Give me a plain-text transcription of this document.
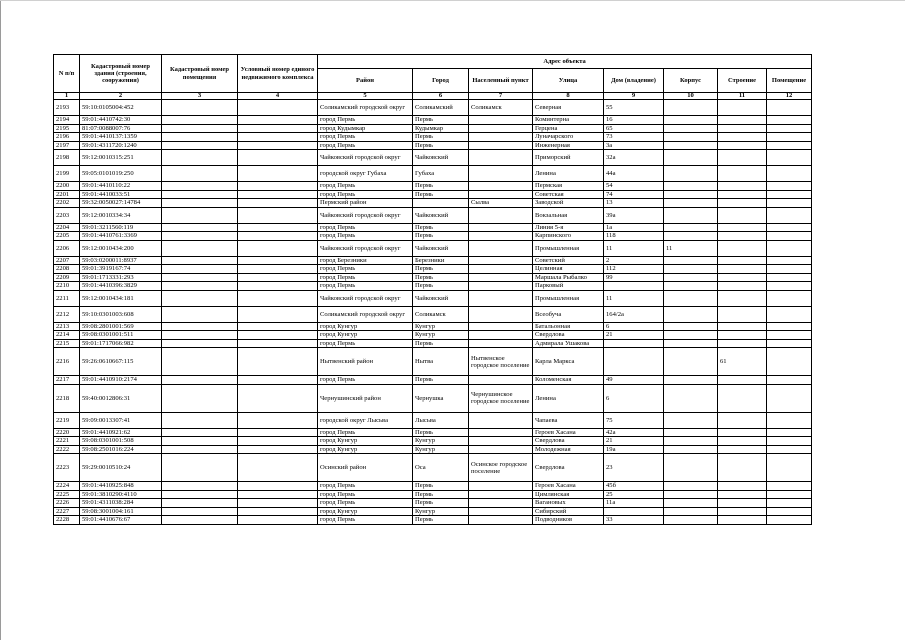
N п/п	Кадастровый номер здания (строения, сооружения)	Кадастровый номер помещения	Условный номер единого недвижимого комплекса	Адрес объекта							
				Район	Город	Населенный пункт	Улица	Дом (владение)	Корпус	Строение	Помещение
1	2	3	4	5	6	7	8	9	10	11	12
2193	59:10:0105004:452			Соликамский городской округ	Соликамский	Соликамск	Северная	55			
2194	59:01:4410742:30			город Пермь	Пермь		Коминтерна	16			
2195	81:07:0088007:76			город Кудымкар	Кудымкар		Герцена	65			
2196	59:01:4410137:1359			город Пермь	Пермь		Луначарского	73			
2197	59:01:4311720:1240			город Пермь	Пермь		Инженерная	3а			
2198	59:12:0010315:251			Чайковский городской округ	Чайковский		Приморский	32а			
2199	59:05:0101019:250			городской округ Губаха	Губаха		Ленина	44а			
2200	59:01:4410110:22			город Пермь	Пермь		Пермская	54			
2201	59:01:4410033:51			город Пермь	Пермь		Советская	74			
2202	59:32:0050027:14784			Пермский район		Сылва	Заводской	13			
2203	59:12:0010334:34			Чайковский городской округ	Чайковский		Вокзальная	39а			
2204	59:01:3211560:119			город Пермь	Пермь		Линия 5-я	1а			
2205	59:01:4410761:3369			город Пермь	Пермь		Карпинского	118			
2206	59:12:0010434:200			Чайковский городской округ	Чайковский		Промышленная	11	11		
2207	59:03:0200011:8937			город Березники	Березники		Советский	2			
2208	59:01:3919167:74			город Пермь	Пермь		Целинная	112			
2209	59:01:1713331:293			город Пермь	Пермь		Маршала Рыбалко	99			
2210	59:01:4410396:3829			город Пермь	Пермь		Парковый				
2211	59:12:0010434:181			Чайковский городской округ	Чайковский		Промышленная	11			
2212	59:10:0301003:608			Соликамский городской округ	Соликамск		Всеобуча	164/2а			
2213	59:08:2801001:569			город Кунгур	Кунгур		Батальонная	6			
2214	59:08:0301001:511			город Кунгур	Кунгур		Свердлова	21			
2215	59:01:1717066:982			город Пермь	Пермь		Адмирала Ушакова				
2216	59:26:0610667:115			Нытвенский район	Нытва	Нытвенское городское поселение	Карла Маркса			61	
2217	59:01:4410910:2174			город Пермь	Пермь		Коломенская	49			
2218	59:40:0012806:31			Чернушинский район	Чернушка	Чернушинское городское поселение	Ленина	6			
2219	59:09:0013307:41			городской округ Лысьва	Лысьва		Чапаева	75			
2220	59:01:4410921:62			город Пермь	Пермь		Героев Хасана	42а			
2221	59:08:0301001:508			город Кунгур	Кунгур		Свердлова	21			
2222	59:08:2501016:224			город Кунгур	Кунгур		Молодежная	19а			
2223	59:29:0010510:24			Осинский район	Оса	Осинское городское поселение	Свердлова	23			
2224	59:01:4410925:848			город Пермь	Пермь		Героев Хасана	45б			
2225	59:01:3810290:4110			город Пермь	Пермь		Цимлянская	25			
2226	59:01:4311038:284			город Пермь	Пермь		Вагановых	11а			
2227	59:08:3001004:161			город Кунгур	Кунгур		Сибирский				
2228	59:01:4410676:67			город Пермь	Пермь		Подводников	33			
